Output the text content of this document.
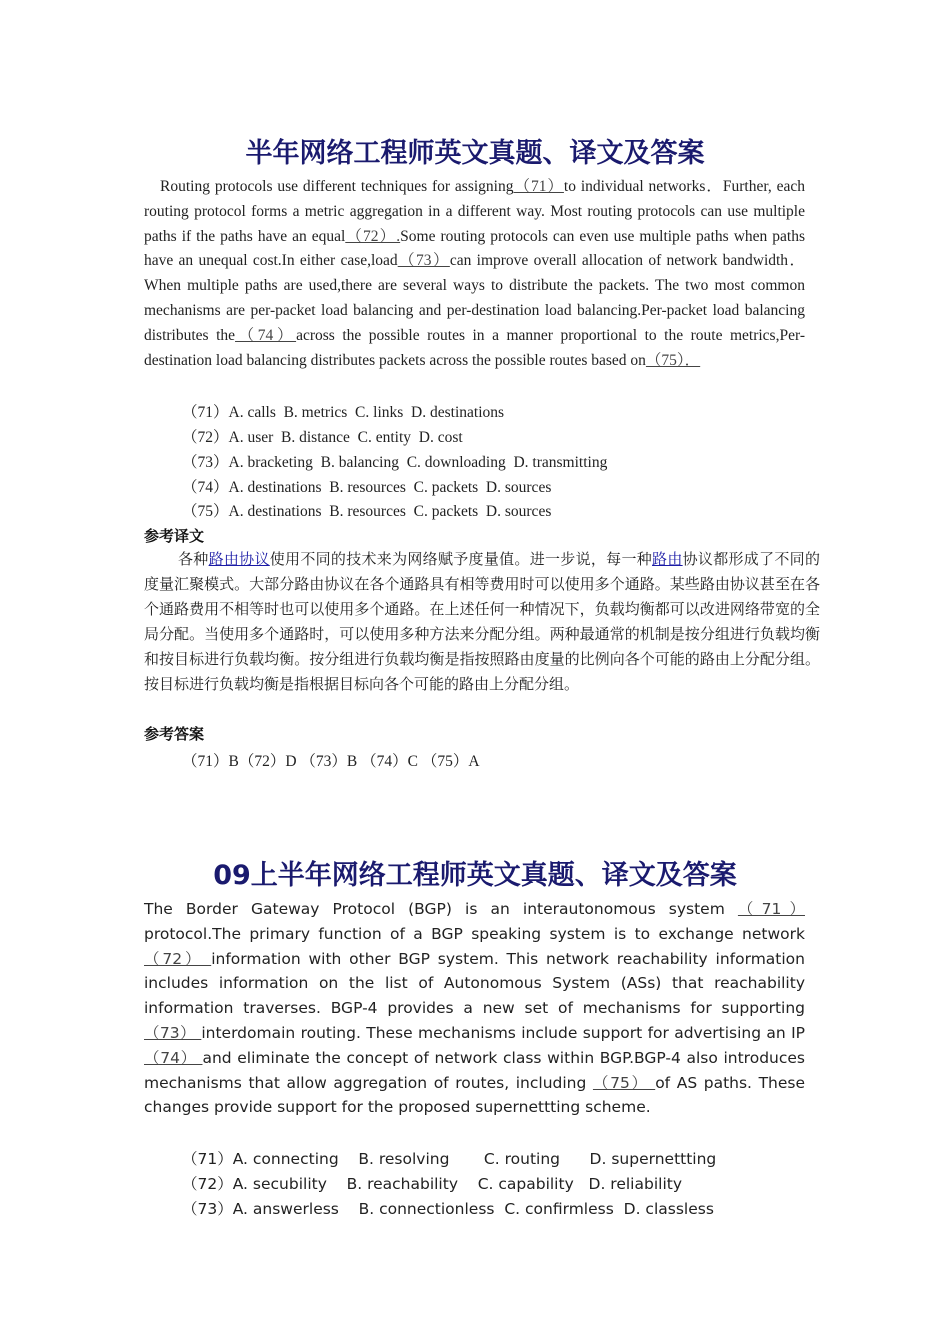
半年网络工程师英文真题、译文及答案
Routing protocols use different techniques for assigning（71）to individual networks．Further, each routing protocol forms a metric aggregation in a different way. Most routing protocols can use multiple paths if the paths have an equal（72）.Some routing protocols can even use multiple paths when paths have an unequal cost.In either case,load（73）can improve overall allocation of network bandwidth．When multiple paths are used,there are several ways to distribute the packets. The two most common mechanisms are per-packet load balancing and per-destination load balancing.Per-packet load balancing distributes the（74）across the possible routes in a manner proportional to the route metrics,Per-destination load balancing distributes packets across the possible routes based on（75）．
（71）A. calls  B. metrics  C. links  D. destinations
（72）A. user  B. distance  C. entity  D. cost
（73）A. bracketing  B. balancing  C. downloading  D. transmitting
（74）A. destinations  B. resources  C. packets  D. sources
（75）A. destinations  B. resources  C. packets  D. sources
参考译文
各种路由协议使用不同的技术来为网络赋予度量值。进一步说，每一种路由协议都形成了不同的度量汇聚模式。大部分路由协议在各个通路具有相等费用时可以使用多个通路。某些路由协议甚至在各个通路费用不相等时也可以使用多个通路。在上述任何一种情况下，负载均衡都可以改进网络带宽的全局分配。当使用多个通路时，可以使用多种方法来分配分组。两种最通常的机制是按分组进行负载均衡和按目标进行负载均衡。按分组进行负载均衡是指按照路由度量的比例向各个可能的路由上分配分组。按目标进行负载均衡是指根据目标向各个可能的路由上分配分组。
参考答案
（71）B（72）D （73）B （74）C （75）A
09上半年网络工程师英文真题、译文及答案
The Border Gateway Protocol (BGP) is an interautonomous system （71） protocol.The primary function of a BGP speaking system is to exchange network （72） information with other BGP system. This network reachability information includes information on the list of Autonomous System (ASs) that reachability information traverses. BGP-4 provides a new set of mechanisms for supporting （73） interdomain routing. These mechanisms include support for advertising an IP （74） and eliminate the concept of network class within BGP.BGP-4 also introduces mechanisms that allow aggregation of routes, including （75） of AS paths. These changes provide support for the proposed supernettting scheme.
（71）A. connecting    B. resolving       C. routing      D. supernettting
（72）A. secubility    B. reachability    C. capability   D. reliability
（73）A. answerless    B. connectionless  C. confirmless  D. classless
